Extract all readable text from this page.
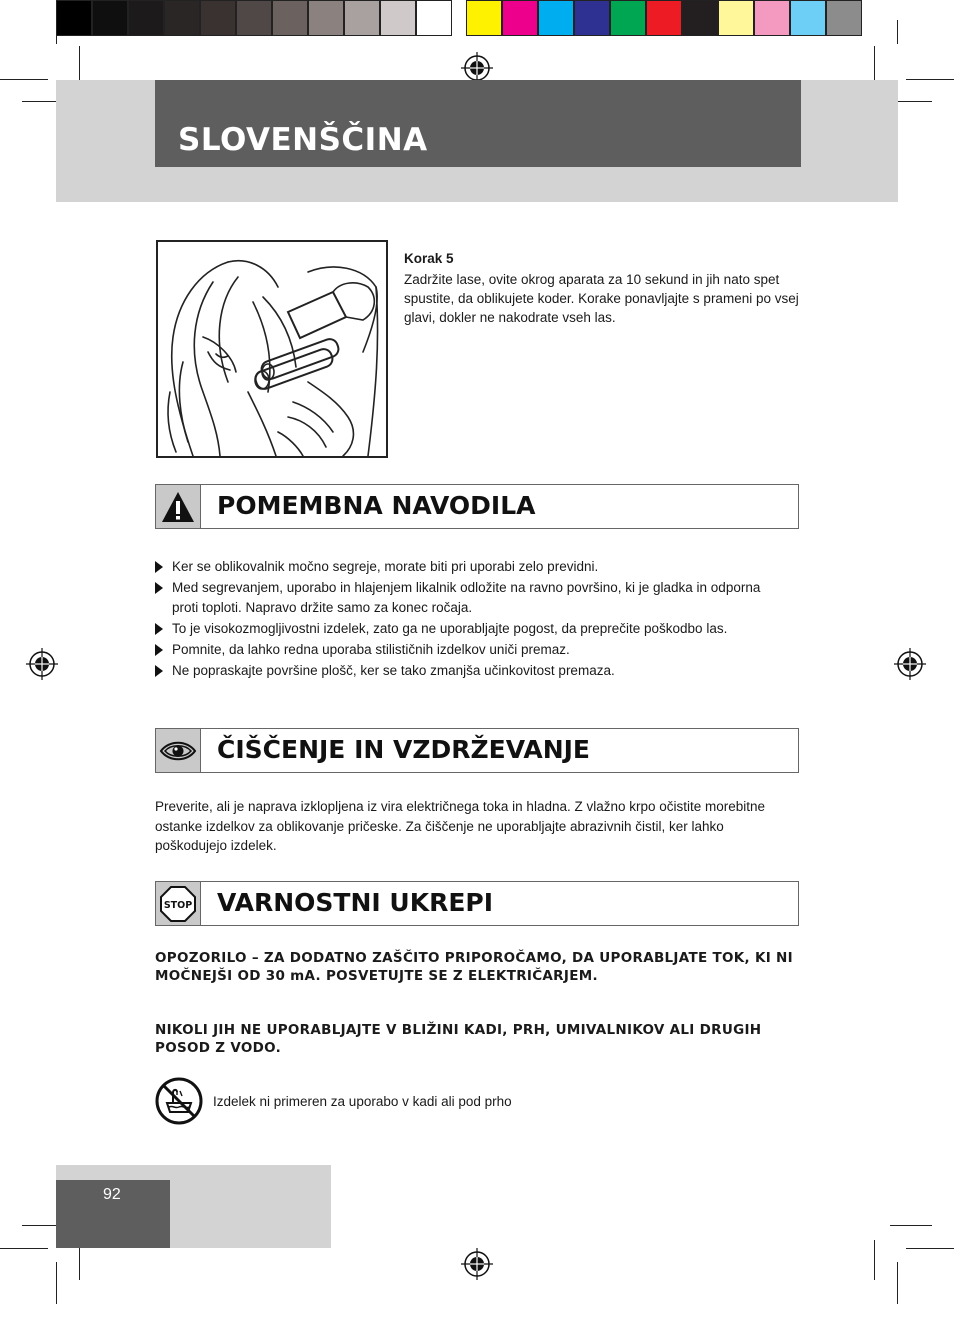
SLOVENŠČINA
Korak 5
Zadržite lase, ovite okrog aparata za 10 sekund in jih nato spet spustite, da oblikujete koder. Korake ponavljajte s prameni po vsej glavi, dokler ne nakodrate vseh las.
POMEMBNA NAVODILA
Ker se oblikovalnik močno segreje, morate biti pri uporabi zelo previdni.
Med segrevanjem, uporabo in hlajenjem likalnik odložite na ravno površino, ki je gladka in odporna proti toploti. Napravo držite samo za konec ročaja.
To je visokozmogljivostni izdelek, zato ga ne uporabljajte pogost, da preprečite poškodbo las.
Pomnite, da lahko redna uporaba stilističnih izdelkov uniči premaz.
Ne popraskajte površine plošč, ker se tako zmanjša učinkovitost premaza.
ČIŠČENJE IN VZDRŽEVANJE
Preverite, ali je naprava izklopljena iz vira električnega toka in hladna. Z vlažno krpo očistite morebitne ostanke izdelkov za oblikovanje pričeske. Za čiščenje ne uporabljajte abrazivnih čistil, ker lahko poškodujejo izdelek.
STOP VARNOSTNI UKREPI
OPOZORILO – ZA DODATNO ZAŠČITO PRIPOROČAMO, DA UPORABLJATE TOK, KI NI MOČNEJŠI OD 30 mA. POSVETUJTE SE Z ELEKTRIČARJEM.
NIKOLI JIH NE UPORABLJAJTE V BLIŽINI KADI, PRH, UMIVALNIKOV ALI DRUGIH POSOD Z VODO.
Izdelek ni primeren za uporabo v kadi ali pod prho
92
